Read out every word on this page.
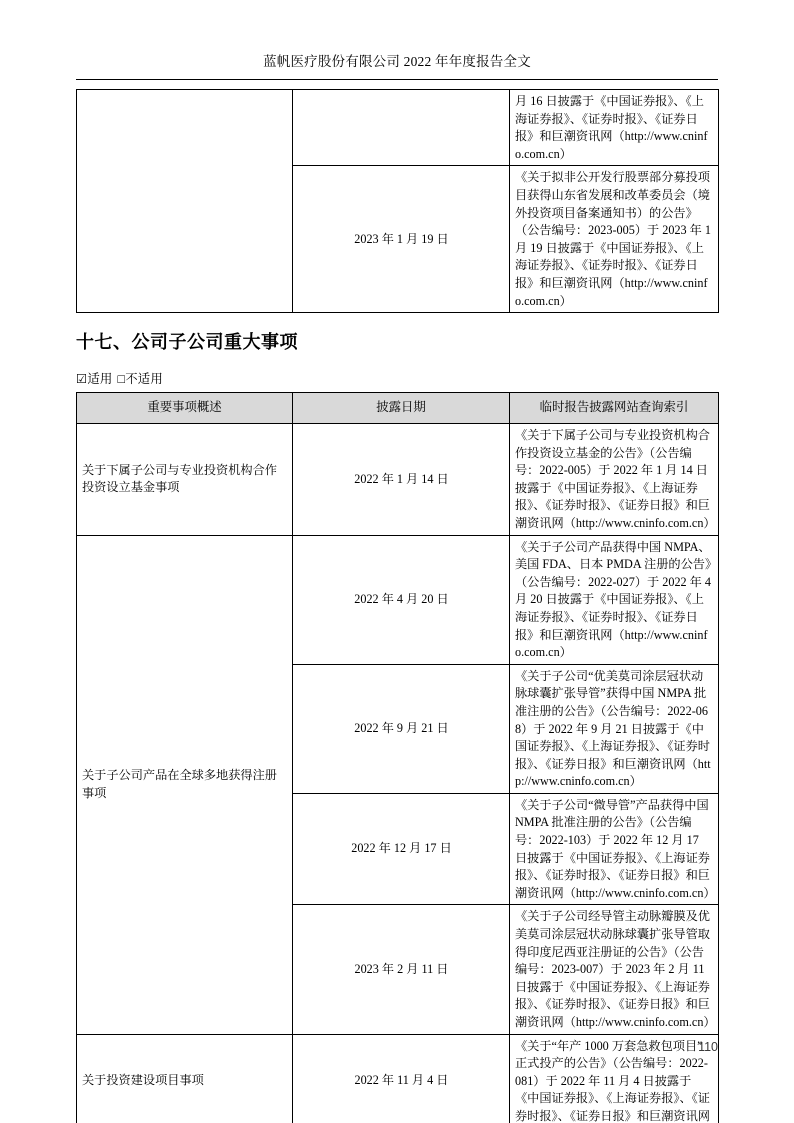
蓝帆医疗股份有限公司 2022 年年度报告全文
		月 16 日披露于《中国证券报》、《上海证券报》、《证券时报》、《证券日报》和巨潮资讯网（http://www.cninfo.com.cn）
	2023 年 1 月 19 日	《关于拟非公开发行股票部分募投项目获得山东省发展和改革委员会（境外投资项目备案通知书）的公告》（公告编号：2023-005）于 2023 年 1 月 19 日披露于《中国证券报》、《上海证券报》、《证券时报》、《证券日报》和巨潮资讯网（http://www.cninfo.com.cn）
十七、公司子公司重大事项
☑适用 □不适用
重要事项概述	披露日期	临时报告披露网站查询索引
关于下属子公司与专业投资机构合作投资设立基金事项	2022 年 1 月 14 日	《关于下属子公司与专业投资机构合作投资设立基金的公告》（公告编号：2022-005）于 2022 年 1 月 14 日披露于《中国证券报》、《上海证券报》、《证券时报》、《证券日报》和巨潮资讯网（http://www.cninfo.com.cn）
关于子公司产品在全球多地获得注册事项	2022 年 4 月 20 日	《关于子公司产品获得中国 NMPA、美国 FDA、日本 PMDA 注册的公告》（公告编号：2022-027）于 2022 年 4 月 20 日披露于《中国证券报》、《上海证券报》、《证券时报》、《证券日报》和巨潮资讯网（http://www.cninfo.com.cn）
	2022 年 9 月 21 日	《关于子公司“优美莫司涂层冠状动脉球囊扩张导管”获得中国 NMPA 批准注册的公告》（公告编号：2022-068）于 2022 年 9 月 21 日披露于《中国证券报》、《上海证券报》、《证券时报》、《证券日报》和巨潮资讯网（http://www.cninfo.com.cn）
	2022 年 12 月 17 日	《关于子公司“微导管”产品获得中国 NMPA 批准注册的公告》（公告编号：2022-103）于 2022 年 12 月 17 日披露于《中国证券报》、《上海证券报》、《证券时报》、《证券日报》和巨潮资讯网（http://www.cninfo.com.cn）
	2023 年 2 月 11 日	《关于子公司经导管主动脉瓣膜及优美莫司涂层冠状动脉球囊扩张导管取得印度尼西亚注册证的公告》（公告编号：2023-007）于 2023 年 2 月 11 日披露于《中国证券报》、《上海证券报》、《证券时报》、《证券日报》和巨潮资讯网（http://www.cninfo.com.cn）
关于投资建设项目事项	2022 年 11 月 4 日	《关于“年产 1000 万套急救包项目”正式投产的公告》（公告编号：2022-081）于 2022 年 11 月 4 日披露于《中国证券报》、《上海证券报》、《证券时报》、《证券日报》和巨潮资讯网
110
